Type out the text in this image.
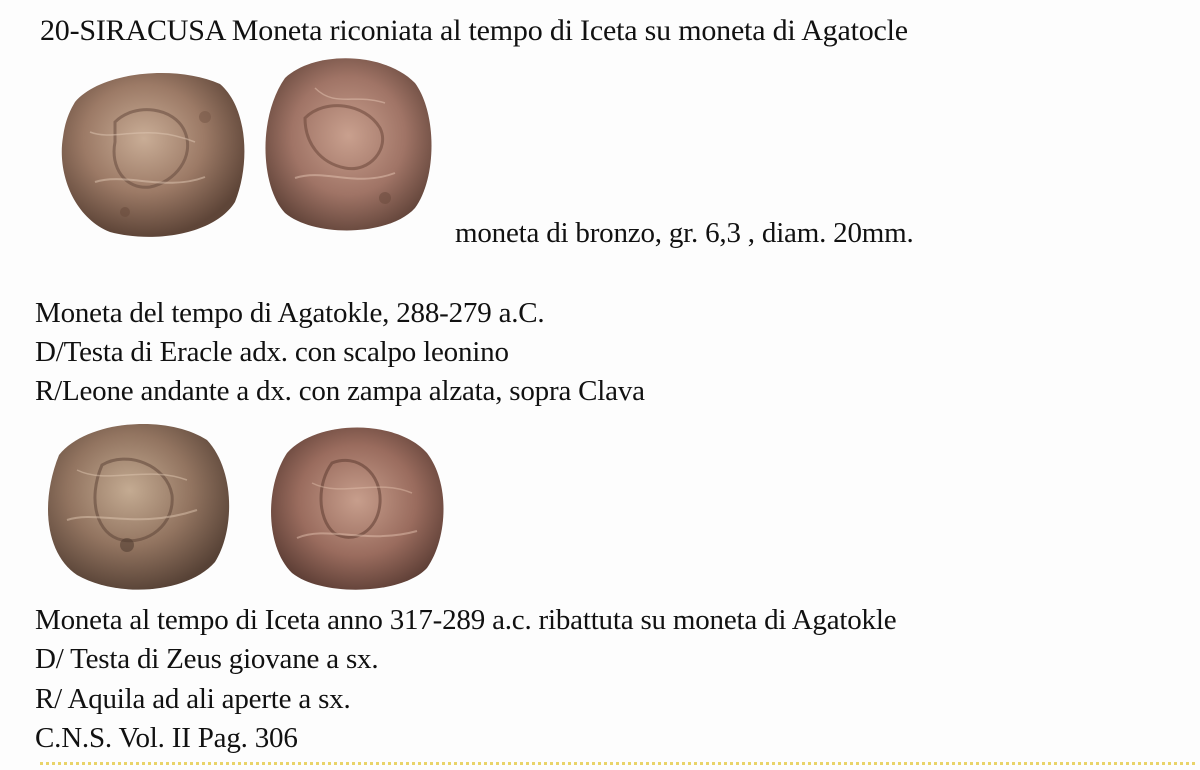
20-SIRACUSA Moneta riconiata al tempo di Iceta su moneta di Agatocle
moneta di bronzo, gr. 6,3 , diam. 20mm.
Moneta del tempo di Agatokle, 288-279 a.C.
D/Testa di Eracle adx. con scalpo leonino
R/Leone andante a dx. con zampa alzata, sopra Clava
Moneta al tempo di Iceta anno 317-289 a.c. ribattuta su moneta di Agatokle
D/ Testa di Zeus giovane a sx.
R/ Aquila ad ali aperte a sx.
C.N.S. Vol. II Pag. 306
